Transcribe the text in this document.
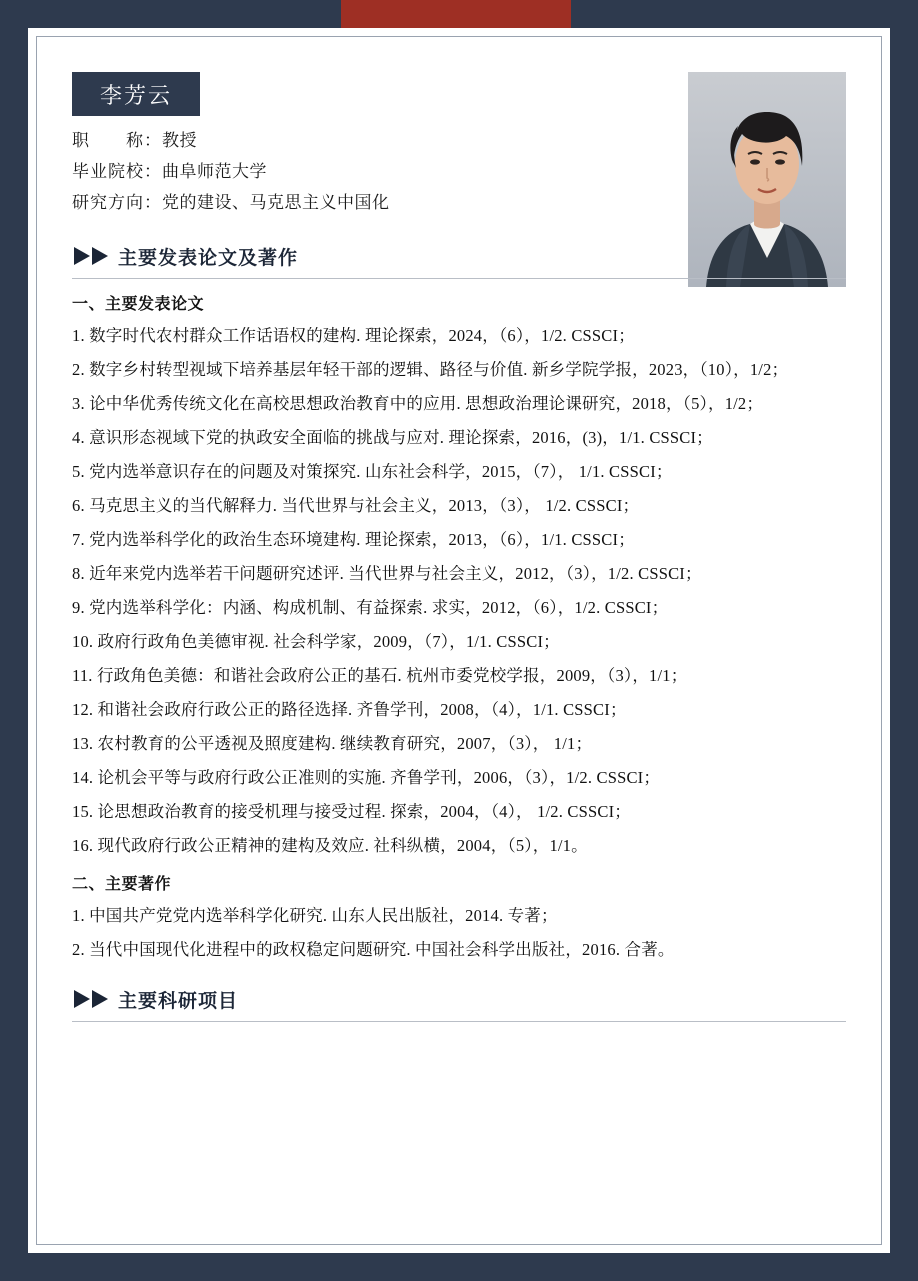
李芳云
职　　称： 教授
毕业院校： 曲阜师范大学
研究方向： 党的建设、马克思主义中国化
主要发表论文及著作
一、主要发表论文
1. 数字时代农村群众工作话语权的建构. 理论探索，2024，（6），1/2. CSSCI；
2. 数字乡村转型视域下培养基层年轻干部的逻辑、路径与价值. 新乡学院学报，2023，（10），1/2；
3. 论中华优秀传统文化在高校思想政治教育中的应用. 思想政治理论课研究，2018，（5），1/2；
4. 意识形态视域下党的执政安全面临的挑战与应对. 理论探索，2016，(3)，1/1. CSSCI；
5. 党内选举意识存在的问题及对策探究. 山东社会科学，2015，（7）， 1/1. CSSCI；
6. 马克思主义的当代解释力. 当代世界与社会主义，2013，（3）， 1/2. CSSCI；
7. 党内选举科学化的政治生态环境建构. 理论探索，2013，（6），1/1. CSSCI；
8. 近年来党内选举若干问题研究述评. 当代世界与社会主义，2012，（3），1/2. CSSCI；
9. 党内选举科学化：内涵、构成机制、有益探索. 求实，2012，（6），1/2. CSSCI；
10. 政府行政角色美德审视. 社会科学家，2009，（7），1/1. CSSCI；
11. 行政角色美德：和谐社会政府公正的基石. 杭州市委党校学报，2009，（3），1/1；
12. 和谐社会政府行政公正的路径选择. 齐鲁学刊，2008，（4），1/1. CSSCI；
13. 农村教育的公平透视及照度建构. 继续教育研究，2007，（3）， 1/1；
14. 论机会平等与政府行政公正准则的实施. 齐鲁学刊，2006，（3），1/2. CSSCI；
15. 论思想政治教育的接受机理与接受过程. 探索，2004，（4）， 1/2. CSSCI；
16. 现代政府行政公正精神的建构及效应. 社科纵横，2004，（5），1/1。
二、主要著作
1. 中国共产党党内选举科学化研究. 山东人民出版社，2014. 专著；
2. 当代中国现代化进程中的政权稳定问题研究. 中国社会科学出版社，2016. 合著。
主要科研项目
